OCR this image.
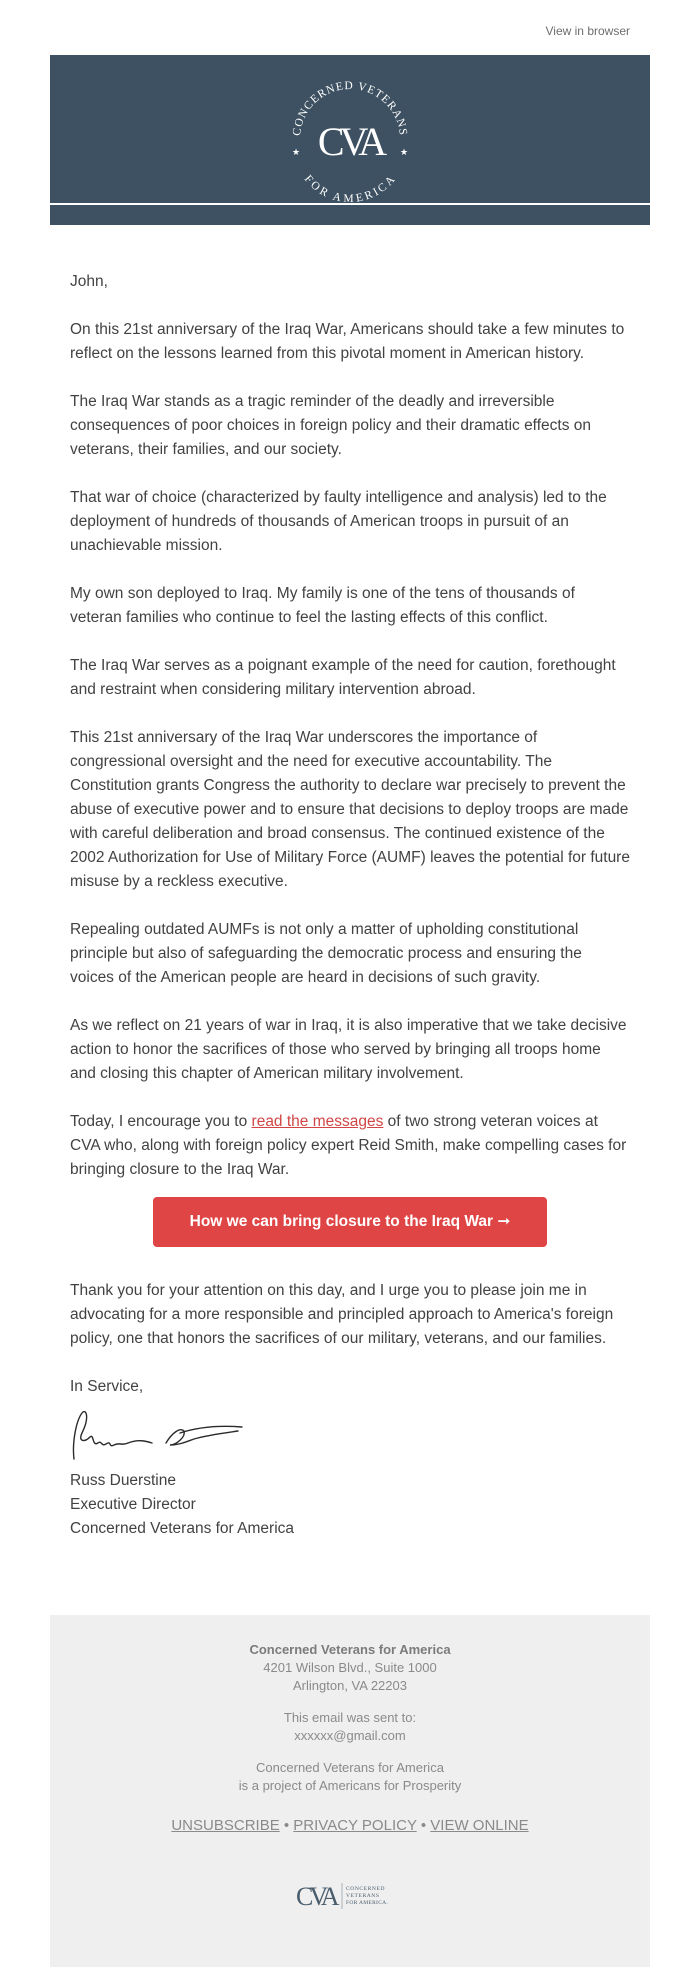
View in browser
CONCERNED VETERANS
FOR AMERICA
★	★
CVA

John,

On this 21st anniversary of the Iraq War, Americans should take a few minutes to reflect on the lessons learned from this pivotal moment in American history.

The Iraq War stands as a tragic reminder of the deadly and irreversible consequences of poor choices in foreign policy and their dramatic effects on veterans, their families, and our society.

That war of choice (characterized by faulty intelligence and analysis) led to the deployment of hundreds of thousands of American troops in pursuit of an unachievable mission.

My own son deployed to Iraq. My family is one of the tens of thousands of veteran families who continue to feel the lasting effects of this conflict.

The Iraq War serves as a poignant example of the need for caution, forethought and restraint when considering military intervention abroad.

This 21st anniversary of the Iraq War underscores the importance of congressional oversight and the need for executive accountability. The Constitution grants Congress the authority to declare war precisely to prevent the abuse of executive power and to ensure that decisions to deploy troops are made with careful deliberation and broad consensus. The continued existence of the 2002 Authorization for Use of Military Force (AUMF) leaves the potential for future misuse by a reckless executive.

Repealing outdated AUMFs is not only a matter of upholding constitutional principle but also of safeguarding the democratic process and ensuring the voices of the American people are heard in decisions of such gravity.

As we reflect on 21 years of war in Iraq, it is also imperative that we take decisive action to honor the sacrifices of those who served by bringing all troops home and closing this chapter of American military involvement.

Today, I encourage you to read the messages of two strong veteran voices at CVA who, along with foreign policy expert Reid Smith, make compelling cases for bringing closure to the Iraq War.

How we can bring closure to the Iraq War ➞

Thank you for your attention on this day, and I urge you to please join me in advocating for a more responsible and principled approach to America's foreign policy, one that honors the sacrifices of our military, veterans, and our families.

In Service,
Russ Duerstine
Executive Director
Concerned Veterans for America
Concerned Veterans for America
4201 Wilson Blvd., Suite 1000
Arlington, VA 22203
This email was sent to:
xxxxxx@gmail.com
Concerned Veterans for America
is a project of Americans for Prosperity
UNSUBSCRIBE • PRIVACY POLICY • VIEW ONLINE
CVA	CONCERNED
VETERANS
FOR AMERICA.
